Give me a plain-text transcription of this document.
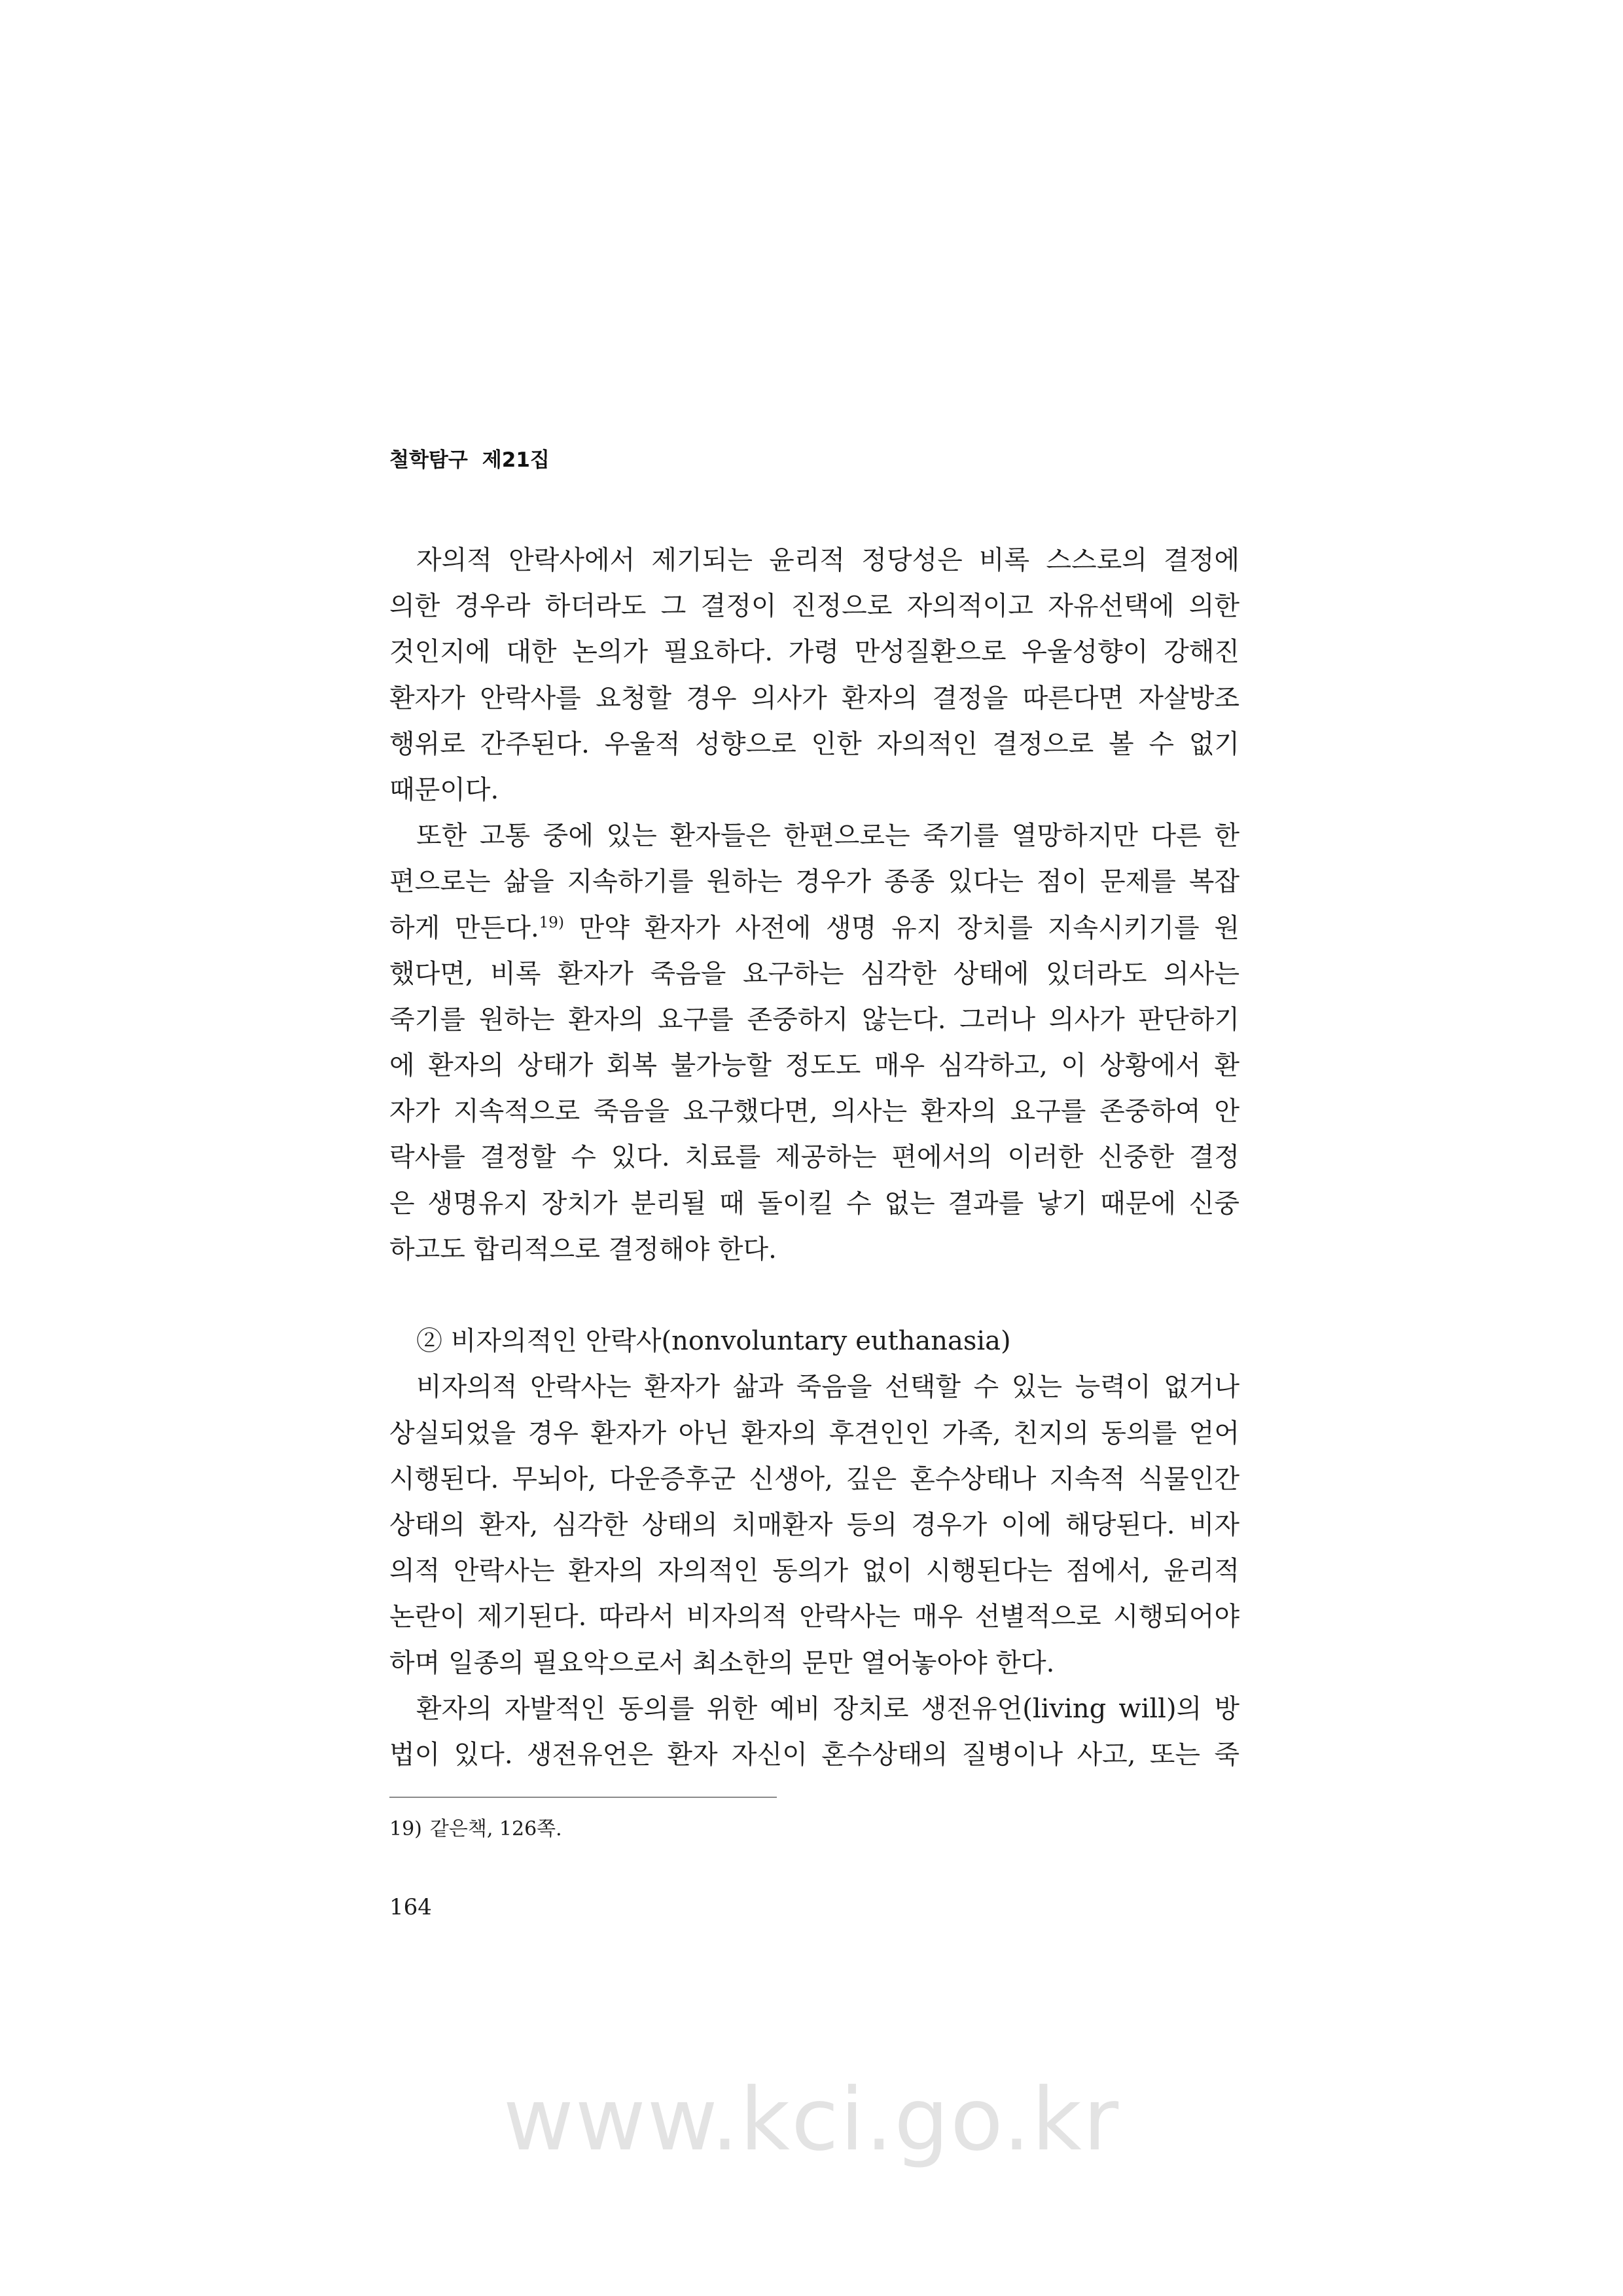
철학탐구 제21집
자의적 안락사에서 제기되는 윤리적 정당성은 비록 스스로의 결정에
의한 경우라 하더라도 그 결정이 진정으로 자의적이고 자유선택에 의한
것인지에 대한 논의가 필요하다. 가령 만성질환으로 우울성향이 강해진
환자가 안락사를 요청할 경우 의사가 환자의 결정을 따른다면 자살방조
행위로 간주된다. 우울적 성향으로 인한 자의적인 결정으로 볼 수 없기
때문이다.
또한 고통 중에 있는 환자들은 한편으로는 죽기를 열망하지만 다른 한
편으로는 삶을 지속하기를 원하는 경우가 종종 있다는 점이 문제를 복잡
하게 만든다.$^{19)}$ 만약 환자가 사전에 생명 유지 장치를 지속시키기를 원
했다면, 비록 환자가 죽음을 요구하는 심각한 상태에 있더라도 의사는
죽기를 원하는 환자의 요구를 존중하지 않는다. 그러나 의사가 판단하기
에 환자의 상태가 회복 불가능할 정도도 매우 심각하고, 이 상황에서 환
자가 지속적으로 죽음을 요구했다면, 의사는 환자의 요구를 존중하여 안
락사를 결정할 수 있다. 치료를 제공하는 편에서의 이러한 신중한 결정
은 생명유지 장치가 분리될 때 돌이킬 수 없는 결과를 낳기 때문에 신중
하고도 합리적으로 결정해야 한다.
② 비자의적인 안락사(nonvoluntary euthanasia)
비자의적 안락사는 환자가 삶과 죽음을 선택할 수 있는 능력이 없거나
상실되었을 경우 환자가 아닌 환자의 후견인인 가족, 친지의 동의를 얻어
시행된다. 무뇌아, 다운증후군 신생아, 깊은 혼수상태나 지속적 식물인간
상태의 환자, 심각한 상태의 치매환자 등의 경우가 이에 해당된다. 비자
의적 안락사는 환자의 자의적인 동의가 없이 시행된다는 점에서, 윤리적
논란이 제기된다. 따라서 비자의적 안락사는 매우 선별적으로 시행되어야
하며 일종의 필요악으로서 최소한의 문만 열어놓아야 한다.
환자의 자발적인 동의를 위한 예비 장치로 생전유언(living will)의 방
법이 있다. 생전유언은 환자 자신이 혼수상태의 질병이나 사고, 또는 죽
19) 같은책, 126쪽.
164
www.kci.go.kr
